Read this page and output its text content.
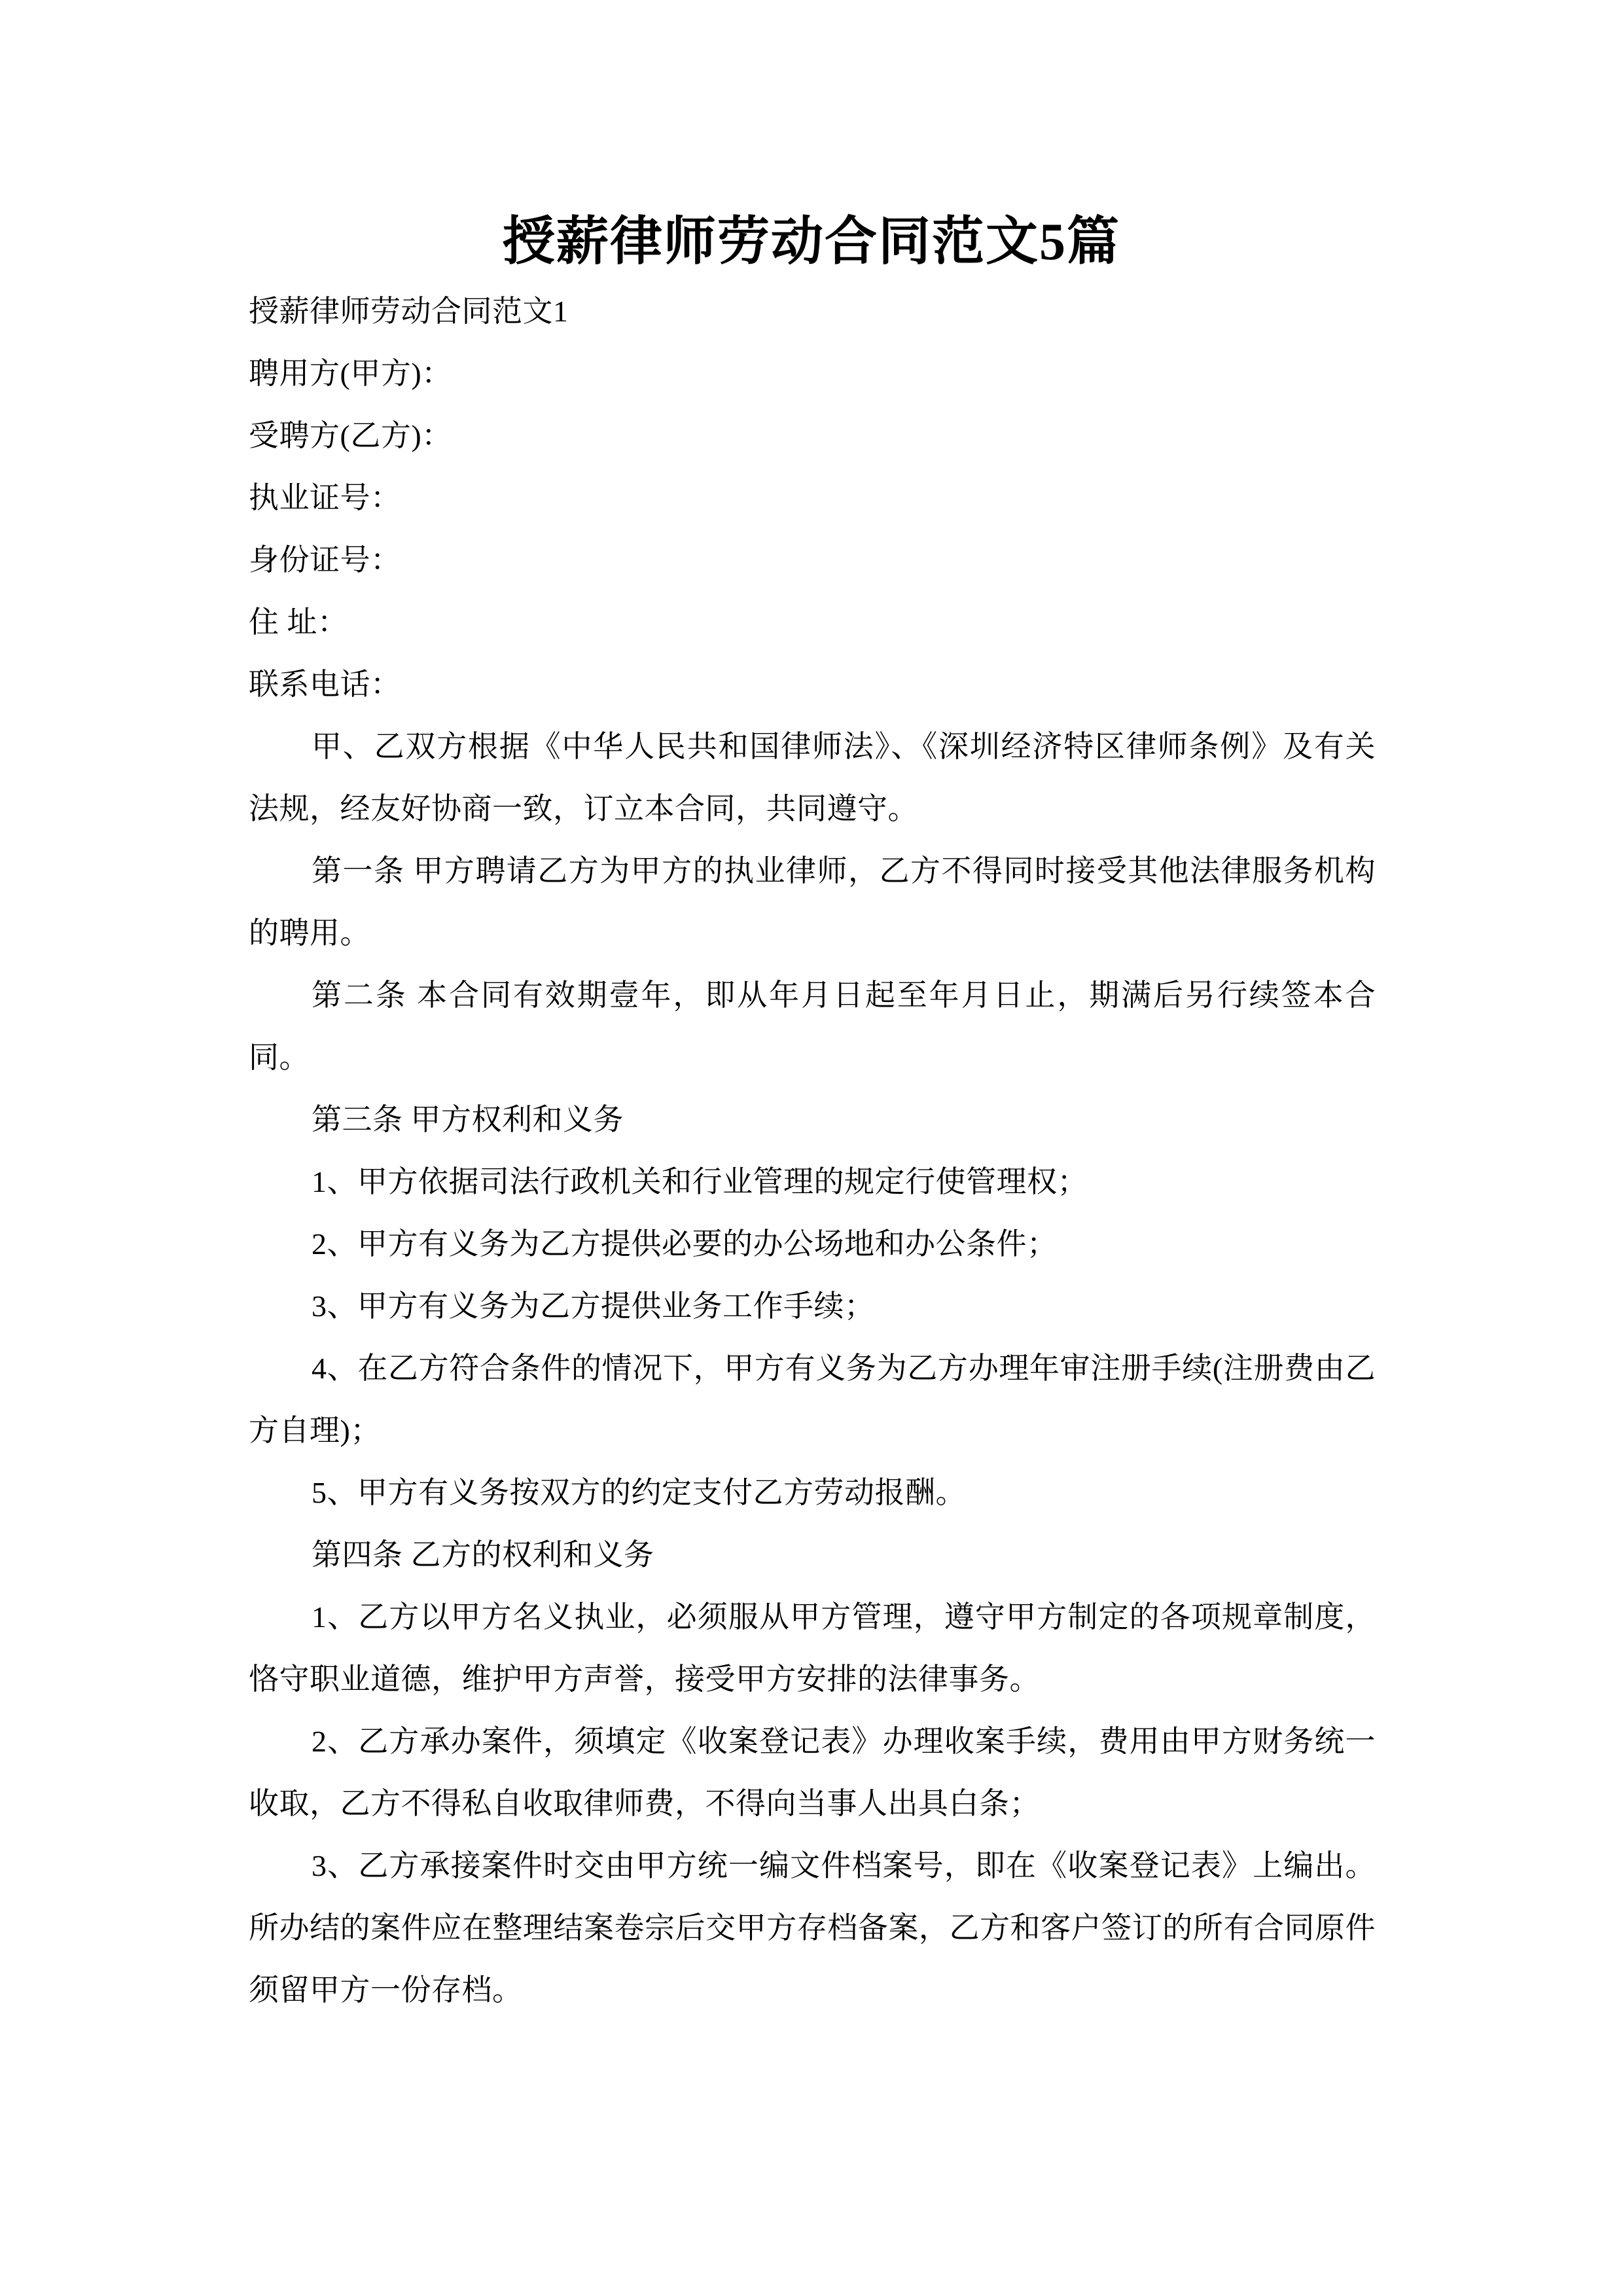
授薪律师劳动合同范文5篇

授薪律师劳动合同范文1

聘用方(甲方)：

受聘方(乙方)：

执业证号：

身份证号：

住 址：

联系电话：

甲、乙双方根据《中华人民共和国律师法》、《深圳经济特区律师条例》及有关法规，经友好协商一致，订立本合同，共同遵守。

第一条 甲方聘请乙方为甲方的执业律师，乙方不得同时接受其他法律服务机构的聘用。

第二条 本合同有效期壹年，即从年月日起至年月日止，期满后另行续签本合同。

第三条 甲方权利和义务

1、甲方依据司法行政机关和行业管理的规定行使管理权；

2、甲方有义务为乙方提供必要的办公场地和办公条件；

3、甲方有义务为乙方提供业务工作手续；

4、在乙方符合条件的情况下，甲方有义务为乙方办理年审注册手续(注册费由乙方自理)；

5、甲方有义务按双方的约定支付乙方劳动报酬。

第四条 乙方的权利和义务

1、乙方以甲方名义执业，必须服从甲方管理，遵守甲方制定的各项规章制度，恪守职业道德，维护甲方声誉，接受甲方安排的法律事务。

2、乙方承办案件，须填定《收案登记表》办理收案手续，费用由甲方财务统一收取，乙方不得私自收取律师费，不得向当事人出具白条；

3、乙方承接案件时交由甲方统一编文件档案号，即在《收案登记表》上编出。所办结的案件应在整理结案卷宗后交甲方存档备案，乙方和客户签订的所有合同原件须留甲方一份存档。
